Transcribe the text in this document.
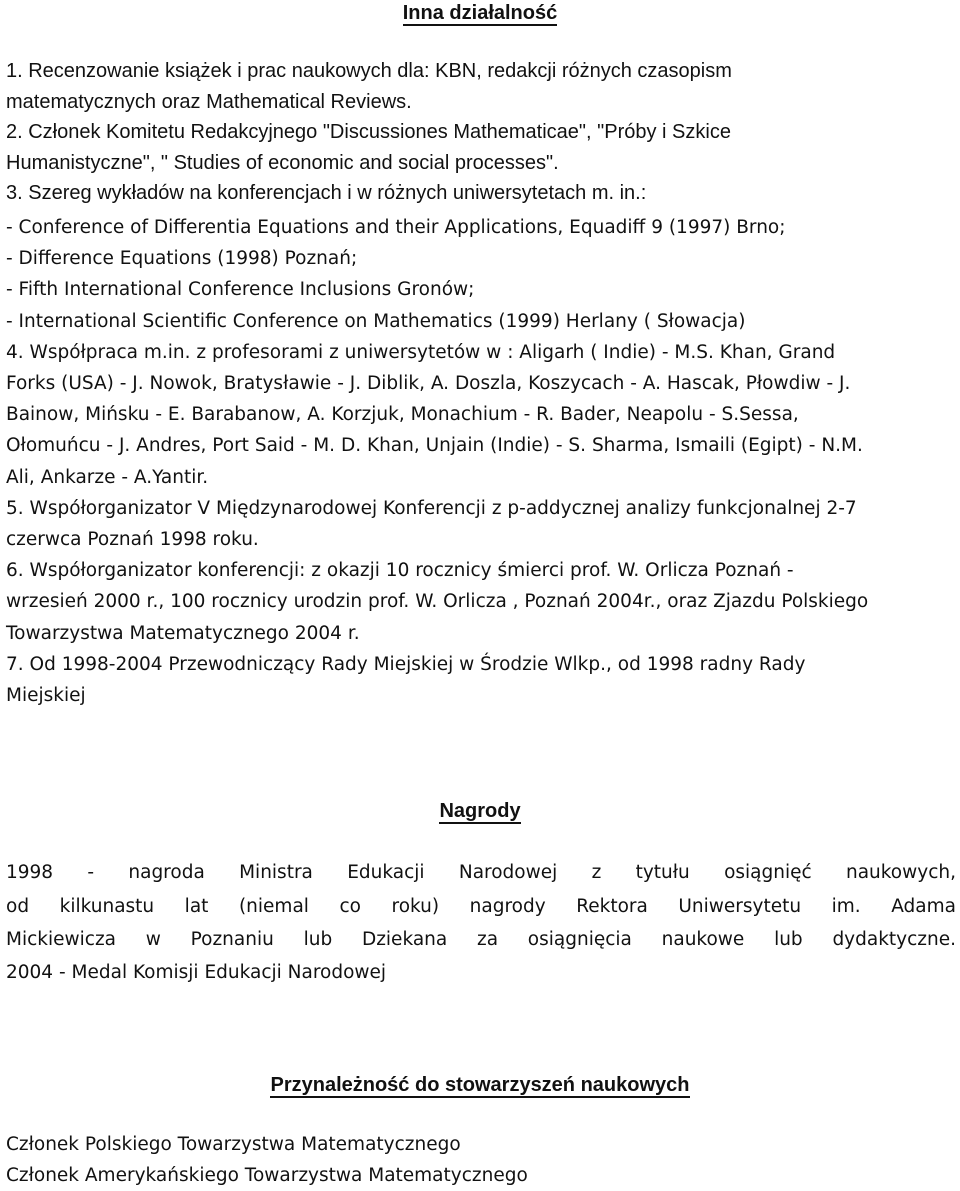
Inna działalność
1. Recenzowanie książek i prac naukowych dla: KBN, redakcji różnych czasopism
matematycznych oraz Mathematical Reviews.
2. Członek Komitetu Redakcyjnego "Discussiones Mathematicae", "Próby i Szkice
Humanistyczne", " Studies of economic and social processes".
3. Szereg wykładów na konferencjach i w różnych uniwersytetach m. in.:
- Conference of Differentia Equations and their Applications, Equadiff 9 (1997) Brno;
- Difference Equations (1998) Poznań;
- Fifth International Conference Inclusions Gronów;
- International Scientific Conference on Mathematics (1999) Herlany ( Słowacja)
4. Współpraca m.in. z profesorami z uniwersytetów w : Aligarh ( Indie) - M.S. Khan, Grand
Forks (USA) - J. Nowok, Bratysławie - J. Diblik, A. Doszla, Koszycach - A. Hascak, Płowdiw - J.
Bainow, Mińsku - E. Barabanow, A. Korzjuk, Monachium - R. Bader, Neapolu - S.Sessa,
Ołomuńcu - J. Andres, Port Said - M. D. Khan, Unjain (Indie) - S. Sharma, Ismaili (Egipt) - N.M.
Ali, Ankarze - A.Yantir.
5. Współorganizator V Międzynarodowej Konferencji z p-addycznej analizy funkcjonalnej 2-7
czerwca Poznań 1998 roku.
6. Współorganizator konferencji: z okazji 10 rocznicy śmierci prof. W. Orlicza Poznań -
wrzesień 2000 r., 100 rocznicy urodzin prof. W. Orlicza , Poznań 2004r., oraz Zjazdu Polskiego
Towarzystwa Matematycznego 2004 r.
7. Od 1998-2004 Przewodniczący Rady Miejskiej w Środzie Wlkp., od 1998 radny Rady
Miejskiej
Nagrody
1998 - nagroda Ministra Edukacji Narodowej z tytułu osiągnięć naukowych,
od kilkunastu lat (niemal co roku) nagrody Rektora Uniwersytetu im. Adama
Mickiewicza w Poznaniu lub Dziekana za osiągnięcia naukowe lub dydaktyczne.
2004 - Medal Komisji Edukacji Narodowej
Przynależność do stowarzyszeń naukowych
Członek Polskiego Towarzystwa Matematycznego
Członek Amerykańskiego Towarzystwa Matematycznego
